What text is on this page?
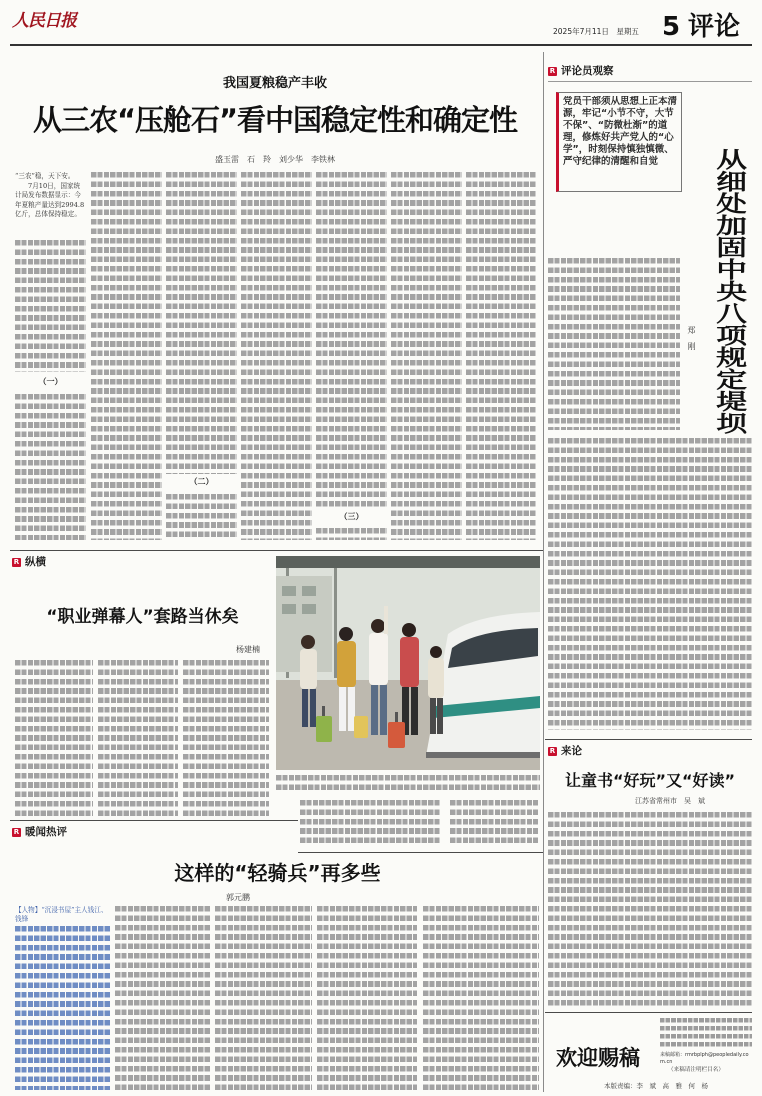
人民日报
2025年7月11日　星期五 5 评论
我国夏粮稳产丰收
从三农“压舱石”看中国稳定性和确定性
盛玉雷　石　羚　刘少华　李铁林
“三农”稳，天下安。
7月10日，国家统计局发布数据显示：今年夏粮产量达到2994.8亿斤，总体保持稳定。
（一）
（二）
（三）
R
评论员观察
党员干部须从思想上正本清源，牢记“小节不守，大节不保”、“防微杜渐”的道理，修炼好共产党人的“心学”，时刻保持慎独慎微、严守纪律的清醒和自觉	从细处加固中央八项规定堤坝
郑　刚
R
来论
让童书“好玩”又“好读”
江苏省常州市　吴　斌
欢迎赐稿	来稿邮箱：rmrbplph@peopledaily.com.cn
（来稿请注明栏目名）
本版责编：李　斌　高　雅　何　杨
R
纵横
“职业弹幕人”套路当休矣
杨建楠
R
暖闻热评
这样的“轻骑兵”再多些
郭元鹏
【人物】“沉浸书屋”主人钱江、钱锋
